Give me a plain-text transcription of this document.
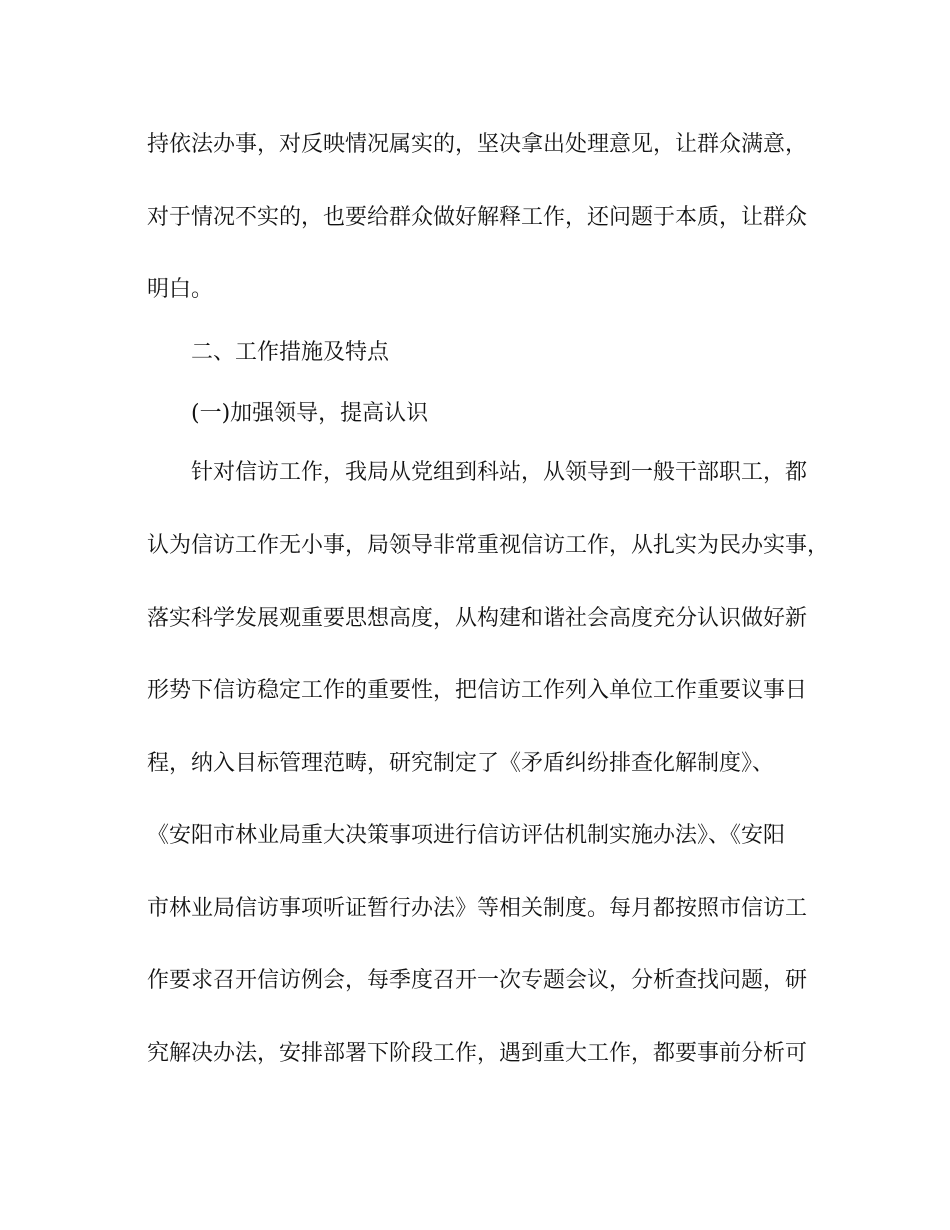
持依法办事，对反映情况属实的，坚决拿出处理意见，让群众满意，
对于情况不实的，也要给群众做好解释工作，还问题于本质，让群众
明白。
二、工作措施及特点
(一)加强领导，提高认识
针对信访工作，我局从党组到科站，从领导到一般干部职工，都
认为信访工作无小事，局领导非常重视信访工作，从扎实为民办实事，
落实科学发展观重要思想高度，从构建和谐社会高度充分认识做好新
形势下信访稳定工作的重要性，把信访工作列入单位工作重要议事日
程，纳入目标管理范畴，研究制定了《矛盾纠纷排查化解制度》、
《安阳市林业局重大决策事项进行信访评估机制实施办法》、《安阳
市林业局信访事项听证暂行办法》等相关制度。每月都按照市信访工
作要求召开信访例会，每季度召开一次专题会议，分析查找问题，研
究解决办法，安排部署下阶段工作，遇到重大工作，都要事前分析可
